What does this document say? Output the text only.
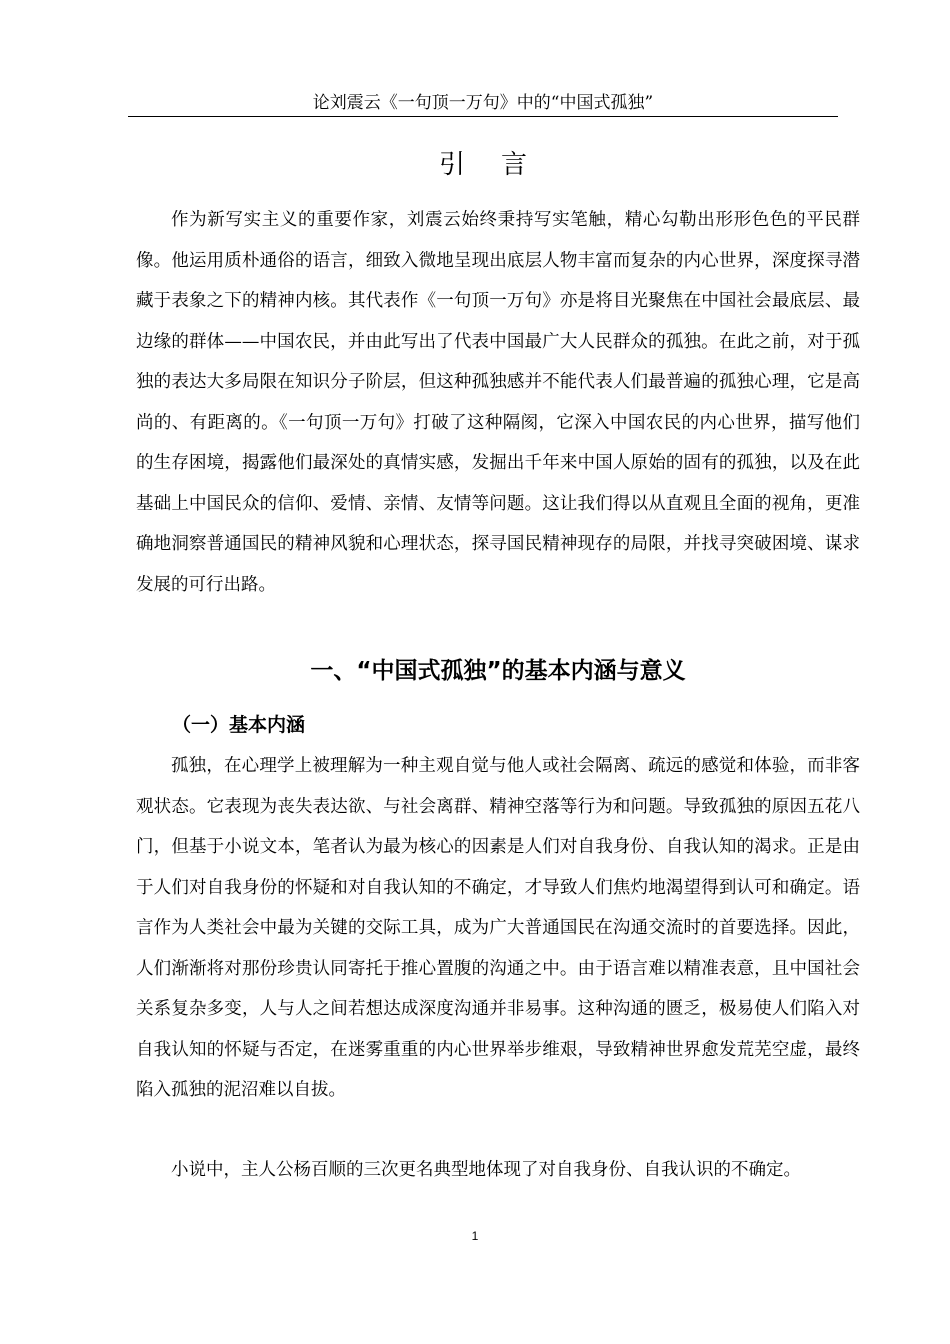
论刘震云《一句顶一万句》中的“中国式孤独”
引言

作为新写实主义的重要作家，刘震云始终秉持写实笔触，精心勾勒出形形色色的平民群像。他运用质朴通俗的语言，细致入微地呈现出底层人物丰富而复杂的内心世界，深度探寻潜藏于表象之下的精神内核。其代表作《一句顶一万句》亦是将目光聚焦在中国社会最底层、最边缘的群体——中国农民，并由此写出了代表中国最广大人民群众的孤独。在此之前，对于孤独的表达大多局限在知识分子阶层，但这种孤独感并不能代表人们最普遍的孤独心理，它是高尚的、有距离的。《一句顶一万句》打破了这种隔阂，它深入中国农民的内心世界，描写他们的生存困境，揭露他们最深处的真情实感，发掘出千年来中国人原始的固有的孤独，以及在此基础上中国民众的信仰、爱情、亲情、友情等问题。这让我们得以从直观且全面的视角，更准确地洞察普通国民的精神风貌和心理状态，探寻国民精神现存的局限，并找寻突破困境、谋求发展的可行出路。

一、“中国式孤独”的基本内涵与意义
（一）基本内涵

孤独，在心理学上被理解为一种主观自觉与他人或社会隔离、疏远的感觉和体验，而非客观状态。它表现为丧失表达欲、与社会离群、精神空落等行为和问题。导致孤独的原因五花八门，但基于小说文本，笔者认为最为核心的因素是人们对自我身份、自我认知的渴求。正是由于人们对自我身份的怀疑和对自我认知的不确定，才导致人们焦灼地渴望得到认可和确定。语言作为人类社会中最为关键的交际工具，成为广大普通国民在沟通交流时的首要选择。因此，人们渐渐将对那份珍贵认同寄托于推心置腹的沟通之中。由于语言难以精准表意，且中国社会关系复杂多变，人与人之间若想达成深度沟通并非易事。这种沟通的匮乏，极易使人们陷入对自我认知的怀疑与否定，在迷雾重重的内心世界举步维艰，导致精神世界愈发荒芜空虚，最终陷入孤独的泥沼难以自拔。

小说中，主人公杨百顺的三次更名典型地体现了对自我身份、自我认识的不确定。

1
